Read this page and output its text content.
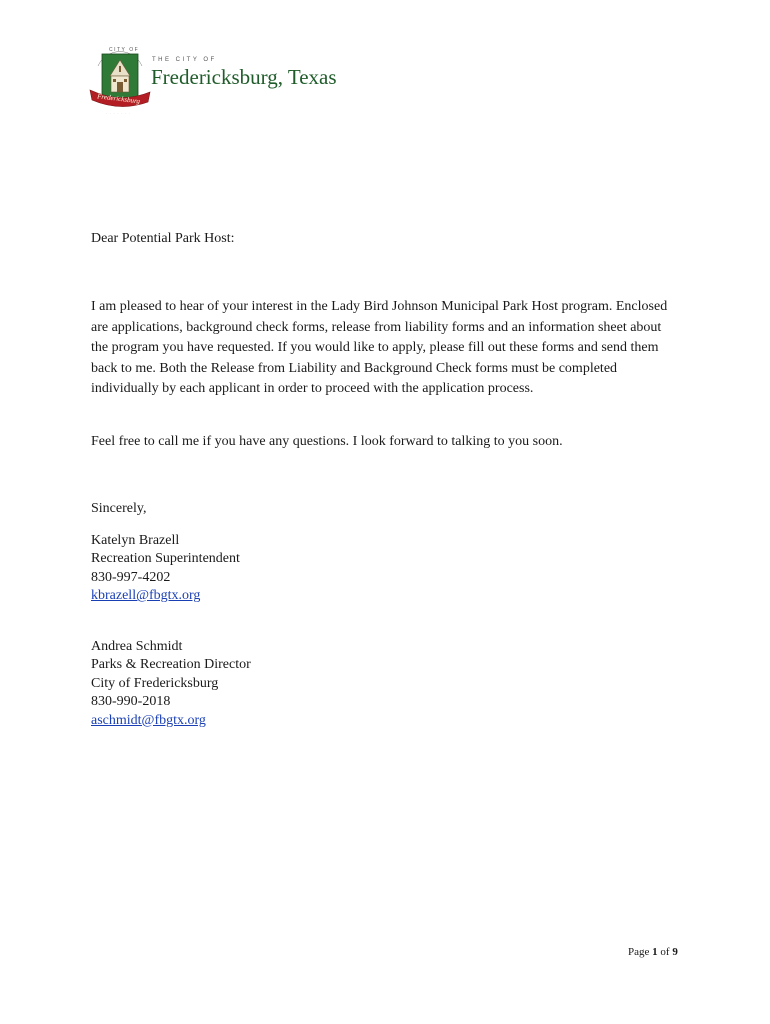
CITY OF
Fredericksburg
· · · · · · ·
THE CITY OF
Fredericksburg, Texas
Dear Potential Park Host:
I am pleased to hear of your interest in the Lady Bird Johnson Municipal Park Host program. Enclosed are applications, background check forms, release from liability forms and an information sheet about the program you have requested. If you would like to apply, please fill out these forms and send them back to me. Both the Release from Liability and Background Check forms must be completed individually by each applicant in order to proceed with the application process.
Feel free to call me if you have any questions. I look forward to talking to you soon.
Sincerely,
Katelyn Brazell
Recreation Superintendent
830-997-4202
kbrazell@fbgtx.org
Andrea Schmidt
Parks & Recreation Director
City of Fredericksburg
830-990-2018
aschmidt@fbgtx.org
Page 1 of 9
